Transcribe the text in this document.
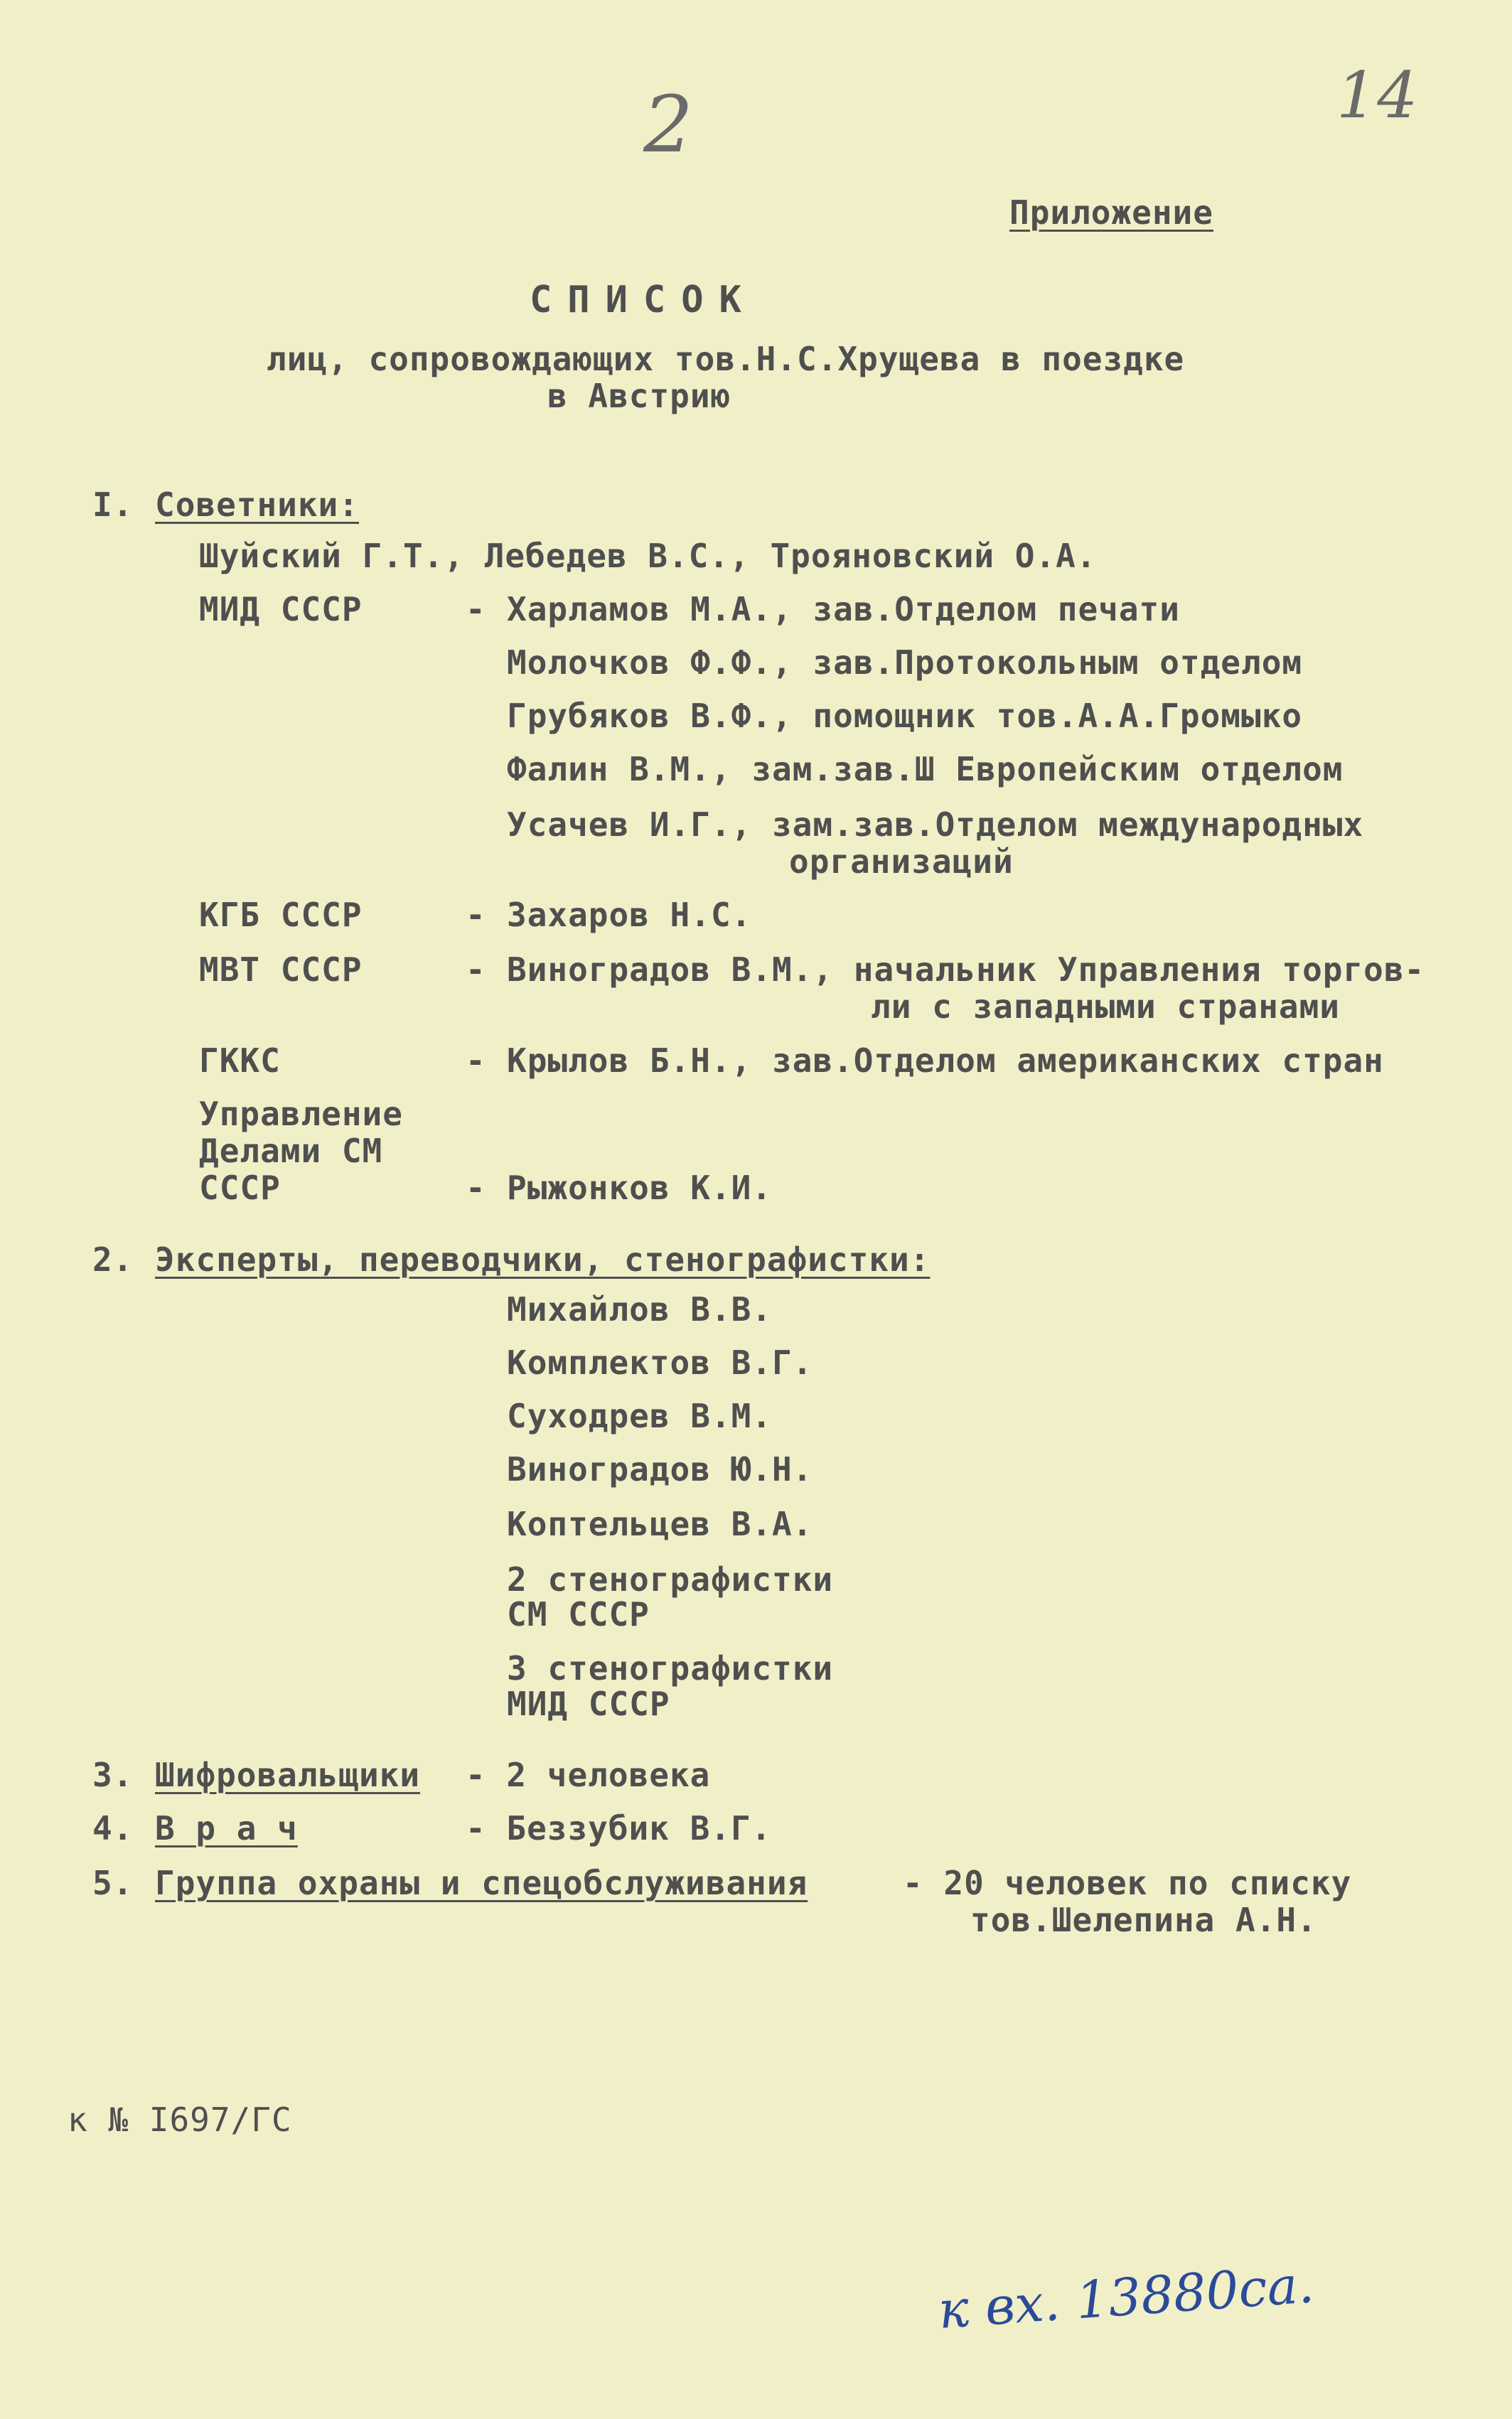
2	14
Приложение
СПИСОК
лиц, сопровождающих тов.Н.С.Хрущева в поездке
в Австрию
I. Советники:
Шуйский Г.Т., Лебедев В.С., Трояновский О.А.
МИД СССР	- Харламов М.А., зав.Отделом печати
Молочков Ф.Ф., зав.Протокольным отделом
Грубяков В.Ф., помощник тов.А.А.Громыко
Фалин В.М., зам.зав.Ш Европейским отделом
Усачев И.Г., зам.зав.Отделом международных
организаций
КГБ СССР	- Захаров Н.С.
МВТ СССР	- Виноградов В.М., начальник Управления торгов-
ли с западными странами
ГККС	- Крылов Б.Н., зав.Отделом американских стран
Управление
Делами СМ
СССР	- Рыжонков К.И.
2. Эксперты, переводчики, стенографистки:
Михайлов В.В.
Комплектов В.Г.
Суходрев В.М.
Виноградов Ю.Н.
Коптельцев В.А.
2 стенографистки
СМ СССР
3 стенографистки
МИД СССР
3. Шифровальщики - 2 человека
4. В р а ч	- Беззубик В.Г.
5. Группа охраны и спецобслуживания	- 20 человек по списку
тов.Шелепина А.Н.
к № I697/ГС
к вх. 13880са.
